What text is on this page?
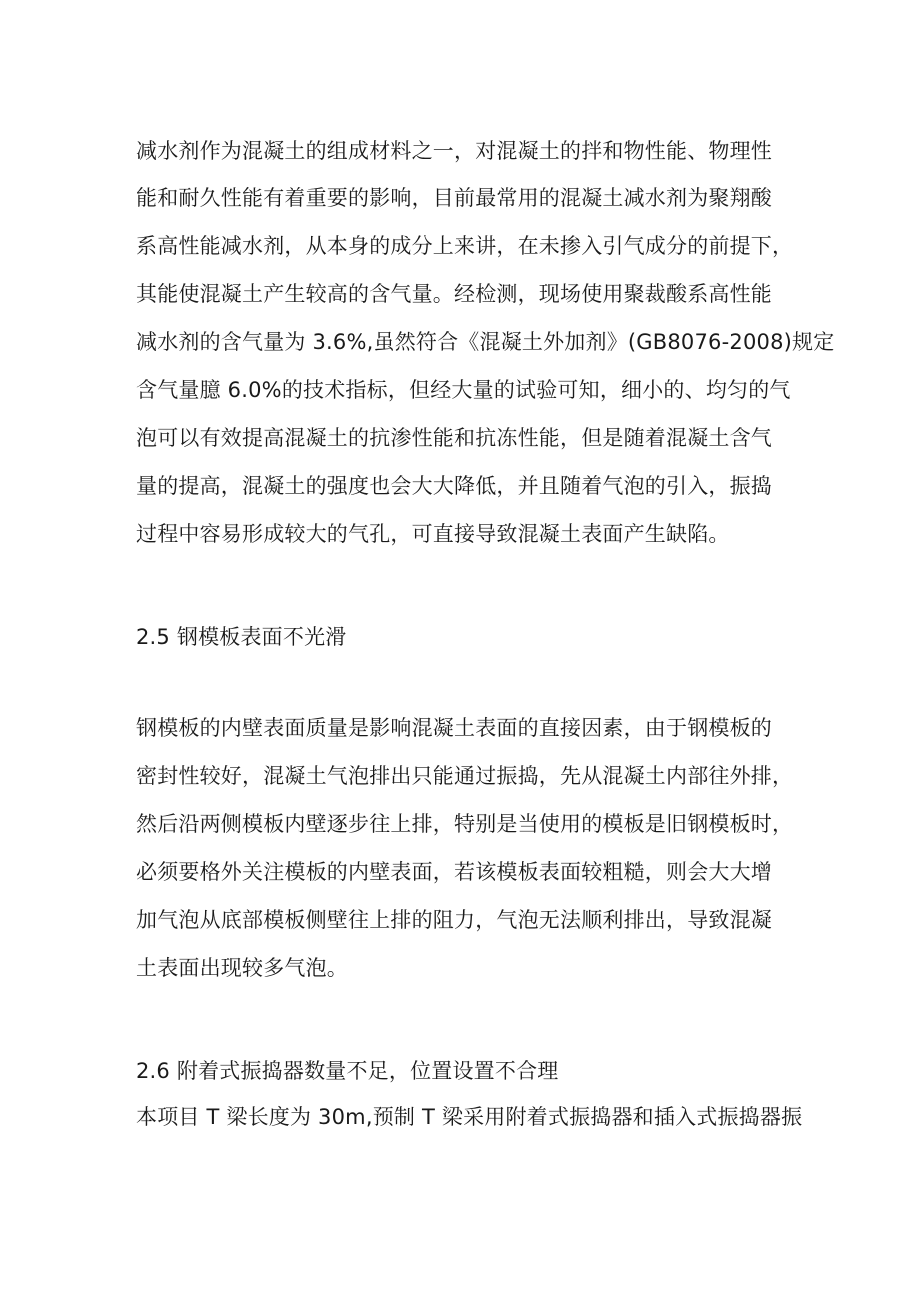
减水剂作为混凝土的组成材料之一，对混凝土的拌和物性能、物理性
能和耐久性能有着重要的影响，目前最常用的混凝土减水剂为聚翔酸
系高性能减水剂，从本身的成分上来讲，在未掺入引气成分的前提下，
其能使混凝土产生较高的含气量。经检测，现场使用聚裁酸系高性能
减水剂的含气量为 3.6%,虽然符合《混凝土外加剂》(GB8076-2008)规定
含气量臆 6.0%的技术指标，但经大量的试验可知，细小的、均匀的气
泡可以有效提高混凝土的抗渗性能和抗冻性能，但是随着混凝土含气
量的提高，混凝土的强度也会大大降低，并且随着气泡的引入，振捣
过程中容易形成较大的气孔，可直接导致混凝土表面产生缺陷。
2.5 钢模板表面不光滑
钢模板的内壁表面质量是影响混凝土表面的直接因素，由于钢模板的
密封性较好，混凝土气泡排出只能通过振捣，先从混凝土内部往外排，
然后沿两侧模板内壁逐步往上排，特别是当使用的模板是旧钢模板时，
必须要格外关注模板的内壁表面，若该模板表面较粗糙，则会大大增
加气泡从底部模板侧壁往上排的阻力，气泡无法顺利排出，导致混凝
土表面出现较多气泡。
2.6 附着式振捣器数量不足，位置设置不合理
本项目 T 梁长度为 30m,预制 T 梁采用附着式振捣器和插入式振捣器振
